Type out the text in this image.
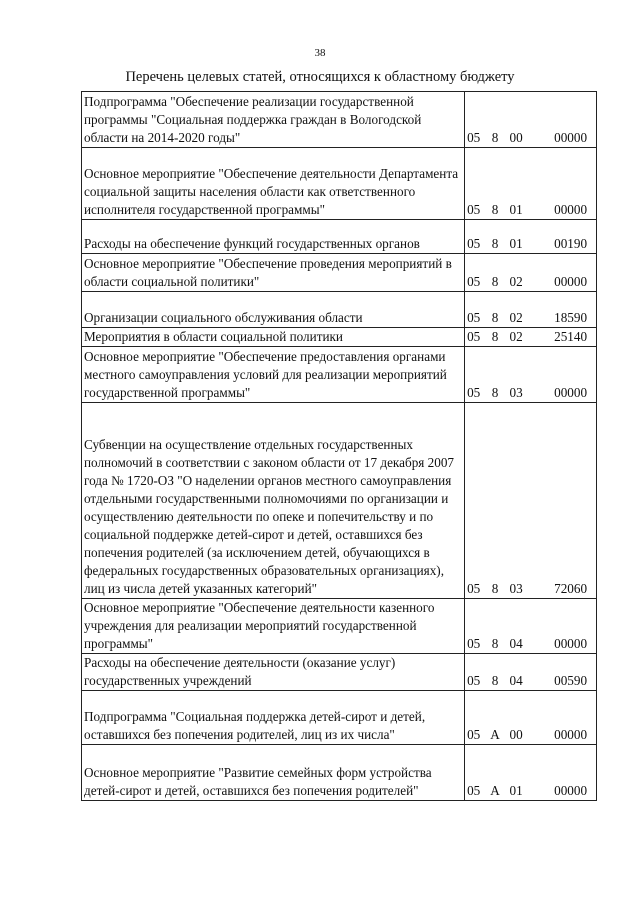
38
Перечень целевых статей, относящихся к областному бюджету
Подпрограмма "Обеспечение реализации государственной программы "Социальная поддержка граждан в Вологодской области на 2014-2020 годы"	05 8 00 00000
Основное мероприятие "Обеспечение деятельности Департамента социальной защиты населения области как ответственного исполнителя государственной программы"	05 8 01 00000
Расходы на обеспечение функций государственных органов	05 8 01 00190
Основное мероприятие "Обеспечение проведения мероприятий в области социальной политики"	05 8 02 00000
Организации социального обслуживания области	05 8 02 18590
Мероприятия в области социальной политики	05 8 02 25140
Основное мероприятие "Обеспечение предоставления органами местного самоуправления условий для реализации мероприятий государственной программы"	05 8 03 00000
Субвенции на осуществление отдельных государственных полномочий в соответствии с законом области от 17 декабря 2007 года № 1720-ОЗ "О наделении органов местного самоуправления отдельными государственными полномочиями по организации и осуществлению деятельности по опеке и попечительству и по социальной поддержке детей-сирот и детей, оставшихся без попечения родителей (за исключением детей, обучающихся в федеральных государственных образовательных организациях), лиц из числа детей указанных категорий"	05 8 03 72060
Основное мероприятие "Обеспечение деятельности казенного учреждения для реализации мероприятий государственной программы"	05 8 04 00000
Расходы на обеспечение деятельности (оказание услуг) государственных учреждений	05 8 04 00590
Подпрограмма "Социальная поддержка детей-сирот и детей, оставшихся без попечения родителей, лиц из их числа"	05 А 00 00000
Основное мероприятие "Развитие семейных форм устройства детей-сирот и детей, оставшихся без попечения родителей"	05 А 01 00000
